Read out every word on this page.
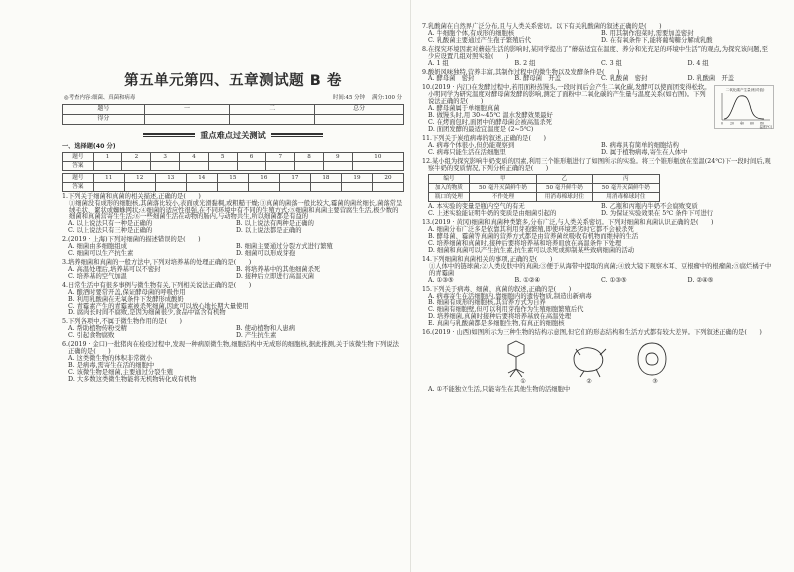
第五单元第四、五章测试题 B 卷
◎考查内容:细菌、真菌和病毒	时间:45 分钟　 满分:100 分
题号	一	二	总分
得分			
重点难点过关测试
一、选择题(40 分)
题号	1	2	3	4	5	6	7	8	9	10
答案										
题号	11	12	13	14	15	16	17	18	19	20
答案										
1.下列关于细菌和真菌的相关描述,正确的是(　　)
①细菌没有成形的细胞核,其菌落比较小,表面或光滑黏稠,或粗糙干燥;③真菌的菌落一般比较大,霉菌的菌丝细长,菌落常呈绒毛状、絮状或蜘蛛网状;④细菌的适应性很强,在不同环境中有不同的生殖方式;⑤细菌和真菌主要营腐生生活,极少数的细菌和真菌营寄生生活;⑥一些细菌生活在动物的肠内,与动物共生,所以细菌都是有益的
A. 以上说法只有一种是正确的	B. 以上说法有两种是正确的
C. 以上说法只有三种是正确的	D. 以上说法都是正确的
2.(2019 · 上海)下列对细菌的描述错误的是(　　)
A. 细菌由多细胞组成	B. 细菌主要通过分裂方式进行繁殖
C. 细菌可以生产抗生素	D. 细菌可以形成芽孢
3.培养细菌和真菌的一般方法中,下列对培养基的处理正确的是(　　)
A. 高温处理后,培养基可以不密封	B. 将培养基中的其他细菌杀死
C. 培养基的空气加温	D. 接种后立即进行高温灭菌
4.日常生活中有很多事例与微生物有关,下列相关说法正确的是(　　)
A. 酿酒时要常开盖,保证酵母菌的呼吸作用
B. 利用乳酸菌在无氧条件下发酵形成酸奶
C. 青霉素产生的青霉素被杀死细菌,因此可以放心地长期大量使用
D. 腐肉长时间不腐败,是因为细菌很少,食品中富含有机物
5.下列各项中,不属于微生物作用的是(　　)
A. 帮助植物传粉受精	B. 使动植物和人患病
C. 引起食物腐败	D. 产生抗生素
6.(2019 · 金口)一批猪肉在检疫过程中,发现一种病原微生物,细胞结构中无成形的细胞核,据此推测,关于该微生物下列说法正确的是(　　)
A. 这类微生物的体积非常微小
B. 是病毒,需寄生在活的细胞中
C. 该微生物是细菌,主要通过分裂生殖
D. 大多数这类微生物能将无机物转化成有机物
7.乳酸菌在自然界广泛分布,且与人类关系密切。以下有关乳酸菌的叙述正确的是(　　)
A. 牛细胞个体,有成形的细胞核	B. 用其制作泡菜时,需要加盖密封
C. 乳酸菌主要通过产生孢子繁殖后代	D. 在有氧条件下,能将葡萄糖分解成乳酸
8.在探究环境因素对蘑菇生活的影响时,某同学提出了“蘑菇适宜在温度、养分和光充足的环境中生活”的观点,为探究该问题,至少应设置几组对照实验(　　)
A. 1 组	B. 2 组	C. 3 组	D. 4 组
9.酸奶风味独特,营养丰富,其制作过程中的微生物以及发酵条件是(　　)
A. 酵母菌　密封	B. 酵母菌　开盖	C. 乳酸菌　密封	D. 乳酸菌　开盖
10.(2019 · 内江)在发酵过程中,若用面粉蒸馒头,一段时间后会产生二氧化碳,发酵可以使面团变得松软。小明同学为研究温度对酵母菌发酵的影响,测定了面粉中二氧化碳的产生量与温度关系(如右图)。下列说法正确的是(　　)
A. 酵母菌属于单细胞真菌
B. 做馒头时,用 30~45℃ 温水发酵效果最好
C. 在烤面包时,面团中的酵母菌会被高温杀死
D. 面团发酵的最适宜温度是 (2~5℃)
二氧化碳产生量(相对值)
0 20 40 60 80
温度(℃)
11.下列关于炭疽病毒的叙述,正确的是(　　)
A. 病毒个体很小,但仍能观察到	B. 病毒具有简单的细胞结构
C. 病毒只能生活在活细胞里	D. 属于植物病毒,寄生在人体中
12.某小组为探究影响牛奶变质的因素,利用三个锥形瓶进行了如图所示的实验。将三个锥形瓶放在室温(24℃)下一段时间后,观察牛奶的变质情况,下列分析正确的是(　　)
编号	甲	乙	丙
加入的物质	50 毫升灭菌鲜牛奶	50 毫升鲜牛奶	50 毫升灭菌鲜牛奶
瓶口的处理	不作处理	用消毒棉球封住	用消毒棉球封住
A. 本实验的变量是瓶内空气的有无	B. 乙瓶和丙瓶内牛奶不会腐败变质
C. 上述实验能证明牛奶的变质是由细菌引起的	D. 为保证实验效果在 5℃ 条件下可进行
13.(2019 · 黄冈)细菌和真菌种类繁多,分布广泛,与人类关系密切。下列对细菌和真菌认识正确的是(　　)
A. 细菌分布广泛多是依靠其利用芽孢繁殖,即使环境恶劣时它都不会被杀死
B. 酵母菌、霉菌等真菌的营养方式都是由营养菌丝吸收有机物而维持的生活
C. 培养细菌和真菌时,接种后要将培养基和培养皿放在高温条件下处理
D. 细菌和真菌可以产生抗生素,抗生素可以杀死或抑制某些致病细菌的活动
14.下列细菌和真菌相关的事项,正确的是(　　)
①人体中的链球菌;②人类皮肤中的真菌;③便于从海带中提取的真菌;④放大镜下观察木耳、豆根瘤中的根瘤菌;⑤腐烂橘子中的青霉菌
A. ①③⑤	B. ①②④	C. ①③⑤	D. ②④⑤
15.下列关于病毒、细菌、真菌的叙述,正确的是(　　)
A. 病毒寄生在活细胞内,靠细胞内的遗传物质,制造出新病毒
B. 细菌有成形的细胞核,其营养方式为自养
C. 细菌有细胞壁,但可以利用芽孢作为生殖细胞繁殖后代
D. 培养细菌,真菌时接种后要将培养基放在高温处理
E. 真菌与乳酸菌都是多细胞生物,有真正的细胞核
16.(2019 · 山西)如图所示为三种生物的结构示意图,但它们的形态结构和生活方式都有较大差异。下列叙述正确的是(　　)
①	②	③
A. ①不能独立生活,只能寄生在其他生物的活细胞中
